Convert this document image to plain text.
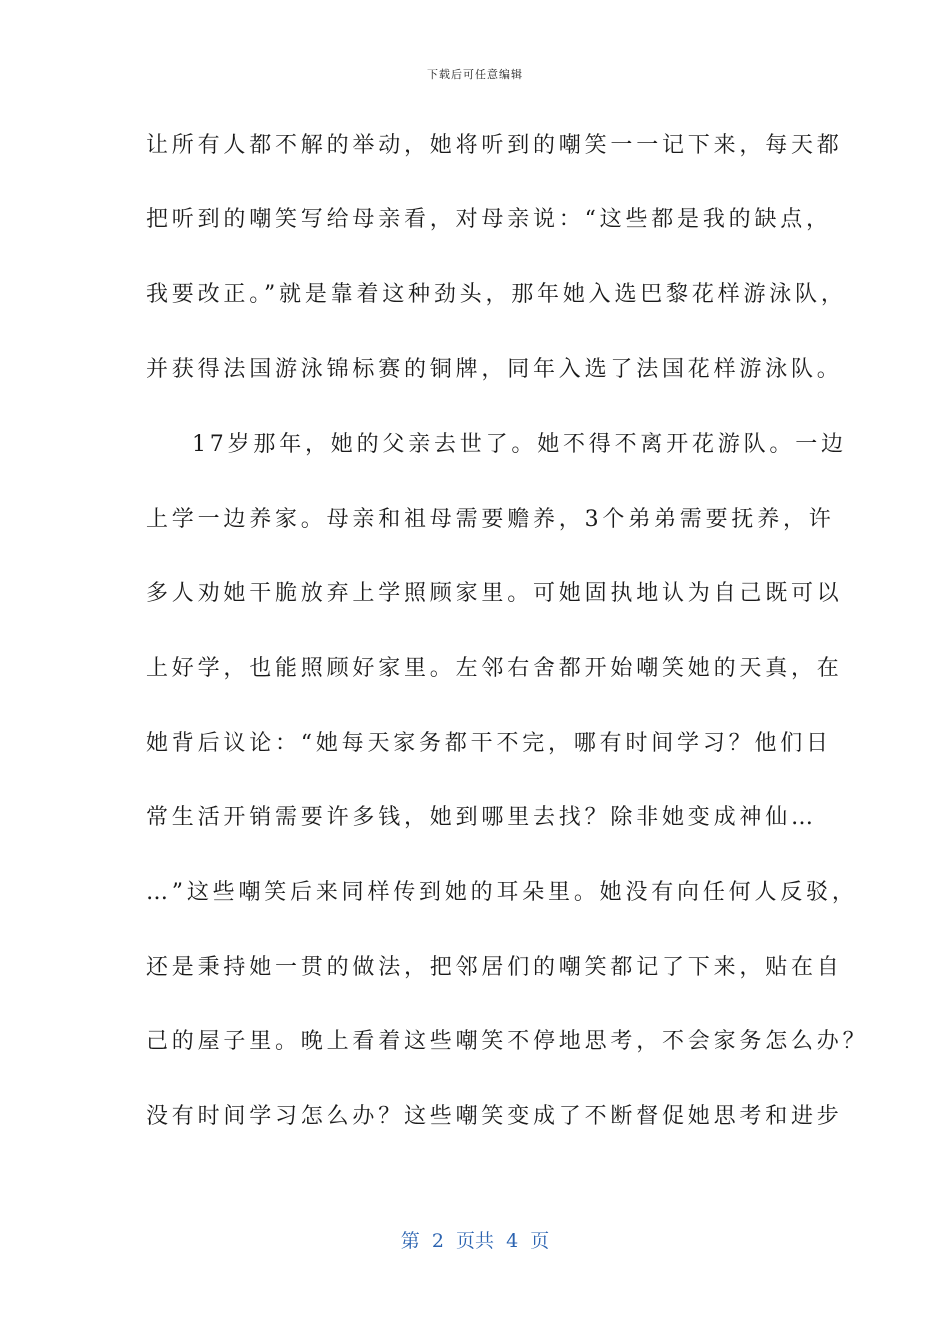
下载后可任意编辑
让所有人都不解的举动，她将听到的嘲笑一一记下来，每天都
把听到的嘲笑写给母亲看，对母亲说：“这些都是我的缺点，
我要改正。”就是靠着这种劲头，那年她入选巴黎花样游泳队，
并获得法国游泳锦标赛的铜牌，同年入选了法国花样游泳队。
17岁那年，她的父亲去世了。她不得不离开花游队。一边
上学一边养家。母亲和祖母需要赡养，3个弟弟需要抚养，许
多人劝她干脆放弃上学照顾家里。可她固执地认为自己既可以
上好学，也能照顾好家里。左邻右舍都开始嘲笑她的天真，在
她背后议论：“她每天家务都干不完，哪有时间学习？他们日
常生活开销需要许多钱，她到哪里去找？除非她变成神仙…
…”这些嘲笑后来同样传到她的耳朵里。她没有向任何人反驳，
还是秉持她一贯的做法，把邻居们的嘲笑都记了下来，贴在自
己的屋子里。晚上看着这些嘲笑不停地思考，不会家务怎么办？
没有时间学习怎么办？这些嘲笑变成了不断督促她思考和进步
第  2  页共  4  页
